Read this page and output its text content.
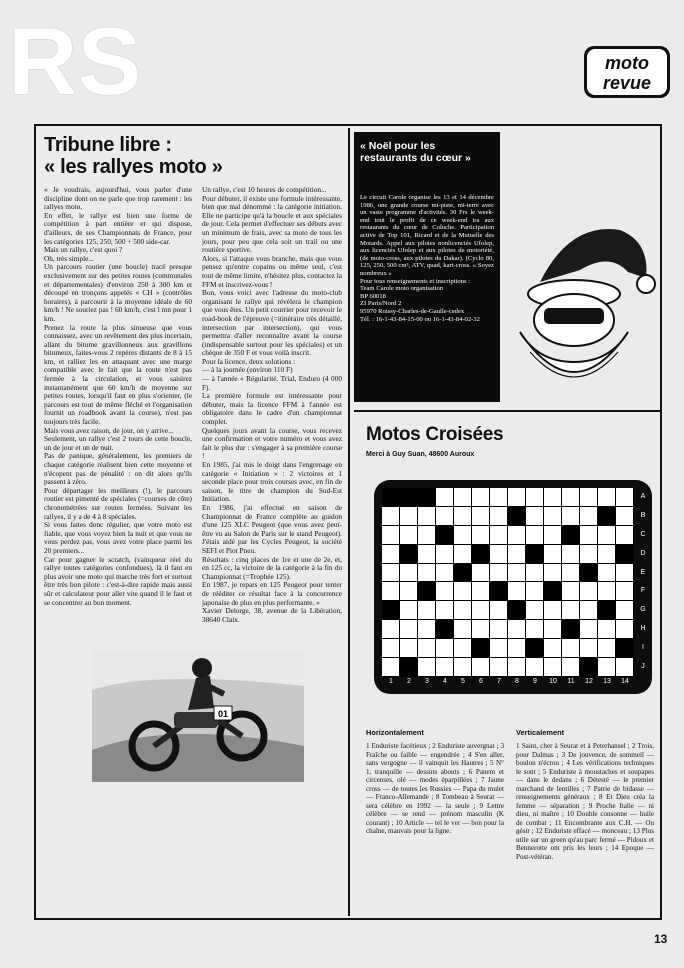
RS	moto
revue
Tribune libre :
« les rallyes moto »

« Je voudrais, aujourd'hui, vous parler d'une discipline dont on ne parle que trop rarement : les rallyes moto.

En effet, le rallye est bien une forme de compétition à part entière et qui dispose, d'ailleurs, de ses Championnats de France, pour les catégories 125, 250, 500 + 500 side-car.

Mais un rallye, c'est quoi ?

Oh, très simple...

Un parcours routier (une boucle) tracé presque exclusivement sur des petites routes (communales et départementales) d'environ 250 à 300 km et découpé en tronçons appelés « CH » (contrôles horaires), à parcourir à la moyenne idéale de 60 km/h ! Ne souriez pas ! 60 km/h, c'est l mn pour 1 km.

Prenez la route la plus sinueuse que vous connaissez, avec un revêtement des plus incertain, allant du bitume gravillonneux aux gravillons bitumeux, faites-vous 2 repères distants de 8 à 15 km, et ralliez les en attaquant avec une marge compatible avec le fait que la route n'est pas fermée à la circulation, et vous saisirez instantanément que 60 km/h de moyenne sur petites routes, lorsqu'il faut en plus s'orienter, (le parcours est tout de même fléché et l'organisation fournit un roadbook avant la course), n'est pas toujours très facile.

Mais vous avez raison, de jour, on y arrive...

Seulement, un rallye c'est 2 tours de cette boucle, un de jour et un de nuit.

Pas de panique, généralement, les premiers de chaque catégorie réalisent bien cette moyenne et n'écopent pas de pénalité : on dit alors qu'ils passent à zéro.

Pour départager les meilleurs (!), le parcours routier est pimenté de spéciales (=courses de côte) chronométrées sur routes fermées. Suivant les rallyes, il y a de 4 à 8 spéciales.

Si vous faites donc régulier, que votre moto est fiable, que vous voyez bien la nuit et que vous ne vous perdez pas, vous avez votre place parmi les 20 premiers...

Car pour gagner le scratch, (vainqueur réel du rallye toutes catégories confondues), là il faut en plus avoir une moto qui marche très fort et surtout être très bon pilote : c'est-à-dire rapide mais aussi sûr et calculateur pour aller vite quand il le faut et se concentrer au bon moment.

Un rallye, c'est 10 heures de compétition...

Pour débuter, il existe une formule intéressante, bien que mal dénommé : la catégorie initiation. Elle ne participe qu'à la boucle et aux spéciales de jour. Cela permet d'effectuer ses débuts avec un minimum de frais, avec sa moto de tous les jours, pour peu que cela soit un trail ou une routière sportive.

Alors, si l'attaque vous branche, mais que vous pensez qu'entre copains ou même seul, c'est tout de même limite, n'hésitez plus, contactez la FFM et inscrivez-vous !

Bon, vous voici avec l'adresse du moto-club organisant le rallye qui révèlera le champion que vous êtes. Un petit courrier pour recevoir le road-book de l'épreuve (=itinéraire très détaillé, intersection par intersection), qui vous permettra d'aller reconnaître avant la course (indispensable surtout pour les spéciales) et un chèque de 350 F et vous voilà inscrit.

Pour la licence, deux solutions :

— à la journée (environ 110 F)

— à l'année « Régularité. Trial, Enduro (4 000 F).

La première formule est intéressante pour débuter, mais la licence FFM à l'année est obligatoire dans le cadre d'un championnat complet.

Quelques jours avant la course, vous recevez une confirmation et votre numéro et vous avez fait le plus dur : s'engager à sa première course !

En 1985, j'ai mis le doigt dans l'engrenage en catégorie « Initiation » : 2 victoires et 1 seconde place pour trois courses avec, en fin de saison, le titre de champion du Sud-Est Initiation.

En 1986, j'ai effectué en saison de Championnat de France complète au guidon d'une 125 XLC Peugeot (que vous avez peut-être vu au Salon de Paris sur le stand Peugeot). J'étais aidé par les Cycles Peugeot, la société SEFI et Piot Pneu.

Résultats : cinq places de 1re et une de 2e, et, en 125 cc, la victoire de la catégorie à la fin du Championnat (=Trophée 125).

En 1987, je repars en 125 Peugeot pour tenter de rééditer ce résultat face à la concurrence japonaise de plus en plus performante. »

Xavier Delorge, 38, avenue de la Libération, 38640 Claix.

01
« Noël pour les restaurants du cœur »

Le circuit Carole organise les 13 et 14 décembre 1986, une grande course mi-piste, mi-terre avec un vaste programme d'activités. 30 Frs le week-end tout le profit de ce week-end ira aux restaurants du cœur de Coluche. Participation active de Top 101, Ricard et de la Mutuelle des Motards. Appel aux pilotes nonlicenciés Ufolep, aux licenciés Ufolep et aux pilotes de motoriété, (de moto-cross, aux pilotes du Dakar). (Cyclo 80, 125, 250, 500 cm³, ATV, quad, kart-cross. « Soyez nombreux »

Pour tous renseignements et inscriptions :

Team Carole moto organisation

BP 60018

ZI Paris/Nord 2

95970 Roissy-Charles-de-Gaulle-cedex

Tél. : 16-1-43-84-15-00 ou 16-1-43-84-02-32

Motos Croisées
Merci à Guy Suan, 48600 Auroux
1	2	3	4	5	6	7	8	9	10	11	12	13	14
A
B
C
D
E
F
G
H
I
J
Horizontalement
1 Enduriste facétieux ; 2 Enduriste auvergnat ; 3 Fraîche ou faible — engendrée ; 4 S'en aller, sans vergogne — il vainquit les Hautres ; 5 N° 1, tranquille — dessins abouts ; 6 Panem et circenses, olé — modes éparpillées ; 7 Jaune cross — de toutes les Russies — Papa du mulet — Franco-Allemande ; 8 Tombeau à Seurat — sera célèbre en 1992 — la seule ; 9 Lettre célèbre — se rend — prénom masculin (K courant) ; 10 Article — tel le ver — bon pour la chaîne, mauvais pour la ligne.
Verticalement
1 Saint, cher à Seurat et à Peterhansel ; 2 Trois, pour Dalmas ; 3 De jouvence, de sommeil — boulon n'écrou ; 4 Les vérifications techniques le sont ; 5 Enduriste à moustaches et soupapes — dans le dedans ; 6 Détesté — le premier marchand de lentilles ; 7 Patrie de bidasse — renseignements généraux ; 8 Et Dieu créa la femme — séparation ; 9 Proche Italie — ni dieu, ni maître ; 10 Double consonne — huile de combat ; 11 Encombrante aux C.H. — Ou gésir ; 12 Enduriste effacé — monceau ; 13 Plus utile sur un green qu'au parc fermé — Pidoux et Bennerotte ont pris les leurs ; 14 Epoque — Post-vétéran.
13
